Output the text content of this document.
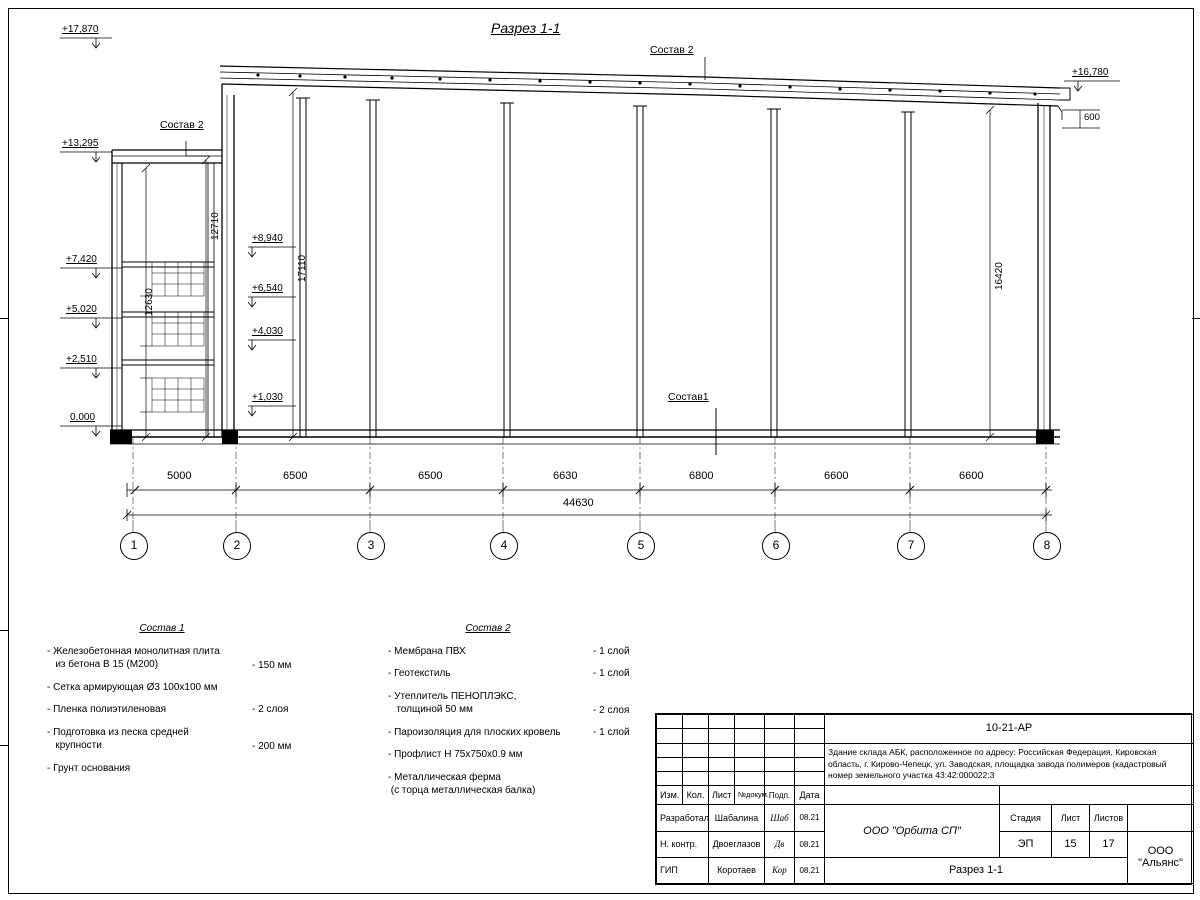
Разрез 1-1
+17,870
+13,295
+7,420
+5,020
+2,510
0,000
+8,940
+6,540
+4,030
+1,030
+16,780
600
12710
12630
17110	16420
Состав 2
Состав 2
Состав1
5000	6500	6500	6630	6800	6600	6600
44630
1	2	3	4	5	6	7	8
Состав 1
- Железобетонная монолитная плита
из бетона В 15 (М200)	- 150 мм
- Сетка армирующая Ø3 100х100 мм
- Пленка полиэтиленовая	- 2 слоя
- Подготовка из песка средней
крупности	- 200 мм
- Грунт основания
Состав 2
- Мембрана ПВХ	- 1 слой
- Геотекстиль	- 1 слой
- Утеплитель ПЕНОПЛЭКС,
толщиной 50 мм	- 2 слоя
- Пароизоляция для плоских кровель	- 1 слой
- Профлист Н 75х750х0.9 мм
- Металлическая ферма
(с торца металлическая балка)
						10-21-АР				

						Здание склада АБК, расположенное по адресу: Российская Федерация, Кировская область, г. Кирово-Чепецк, ул. Заводская, площадка завода полимеров (кадастровый номер земельного участка 43:42:000022:3				

Изм.	Кол.	Лист	№докум.	Подп.	Дата					
Разработал		Шабалина		Шаб	08.21	ООО "Орбита СП"	Стадия	Лист	Листов	
Н. контр.		Двоеглазов		Дв	08.21		ЭП	15	17	ООО "Альянс"
ГИП		Коротаев		Кор	08.21	Разрез 1-1				
